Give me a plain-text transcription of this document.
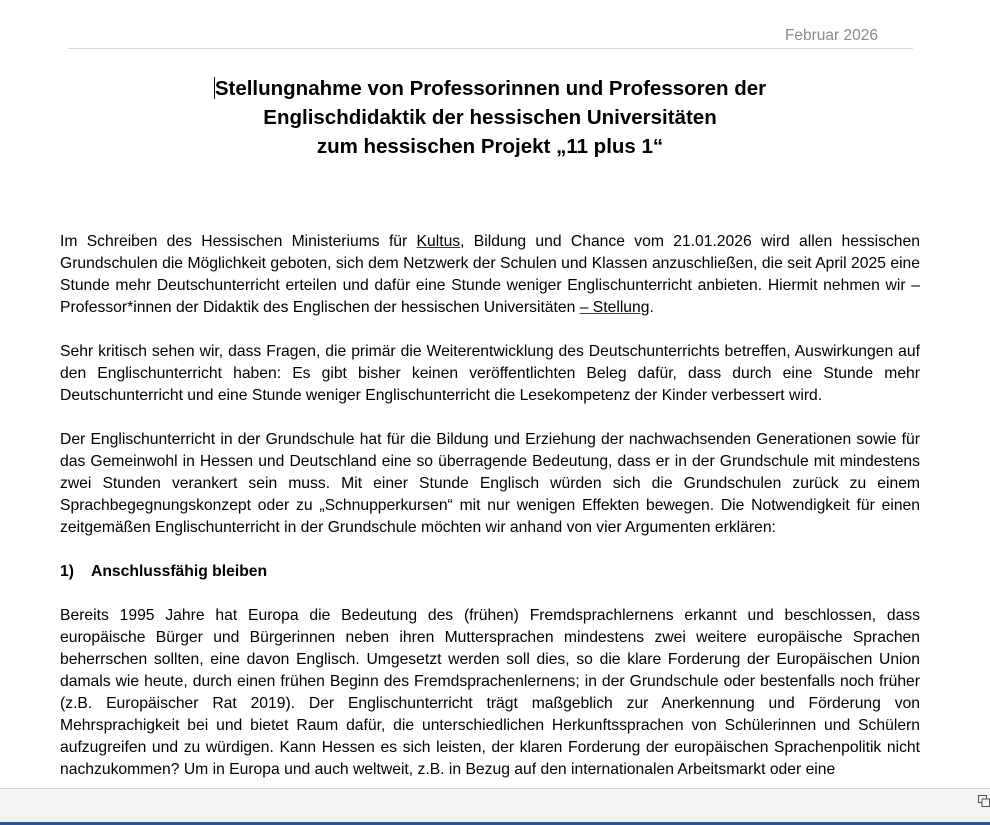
Februar 2026
Stellungnahme von Professorinnen und Professoren der
Englischdidaktik der hessischen Universitäten
zum hessischen Projekt „11 plus 1“

Im Schreiben des Hessischen Ministeriums für Kultus, Bildung und Chance vom 21.01.2026 wird allen hessischen Grundschulen die Möglichkeit geboten, sich dem Netzwerk der Schulen und Klassen anzuschließen, die seit April 2025 eine Stunde mehr Deutschunterricht erteilen und dafür eine Stunde weniger Englischunterricht anbieten. Hiermit nehmen wir – Professor*innen der Didaktik des Englischen der hessischen Universitäten – Stellung.

Sehr kritisch sehen wir, dass Fragen, die primär die Weiterentwicklung des Deutschunterrichts betreffen, Auswirkungen auf den Englischunterricht haben: Es gibt bisher keinen veröffentlichten Beleg dafür, dass durch eine Stunde mehr Deutschunterricht und eine Stunde weniger Englischunterricht die Lesekompetenz der Kinder verbessert wird.

Der Englischunterricht in der Grundschule hat für die Bildung und Erziehung der nachwachsenden Generationen sowie für das Gemeinwohl in Hessen und Deutschland eine so überragende Bedeutung, dass er in der Grundschule mit mindestens zwei Stunden verankert sein muss. Mit einer Stunde Englisch würden sich die Grundschulen zurück zu einem Sprachbegegnungskonzept oder zu „Schnupperkursen“ mit nur wenigen Effekten bewegen. Die Notwendigkeit für einen zeitgemäßen Englischunterricht in der Grundschule möchten wir anhand von vier Argumenten erklären:

1) Anschlussfähig bleiben

Bereits 1995 Jahre hat Europa die Bedeutung des (frühen) Fremdsprachlernens erkannt und beschlossen, dass europäische Bürger und Bürgerinnen neben ihren Muttersprachen mindestens zwei weitere europäische Sprachen beherrschen sollten, eine davon Englisch. Umgesetzt werden soll dies, so die klare Forderung der Europäischen Union damals wie heute, durch einen frühen Beginn des Fremdsprachenlernens; in der Grundschule oder bestenfalls noch früher (z.B. Europäischer Rat 2019). Der Englischunterricht trägt maßgeblich zur Anerkennung und Förderung von Mehrsprachigkeit bei und bietet Raum dafür, die unterschiedlichen Herkunftssprachen von Schülerinnen und Schülern aufzugreifen und zu würdigen. Kann Hessen es sich leisten, der klaren Forderung der europäischen Sprachenpolitik nicht nachzukommen? Um in Europa und auch weltweit, z.B. in Bezug auf den internationalen Arbeitsmarkt oder eine
